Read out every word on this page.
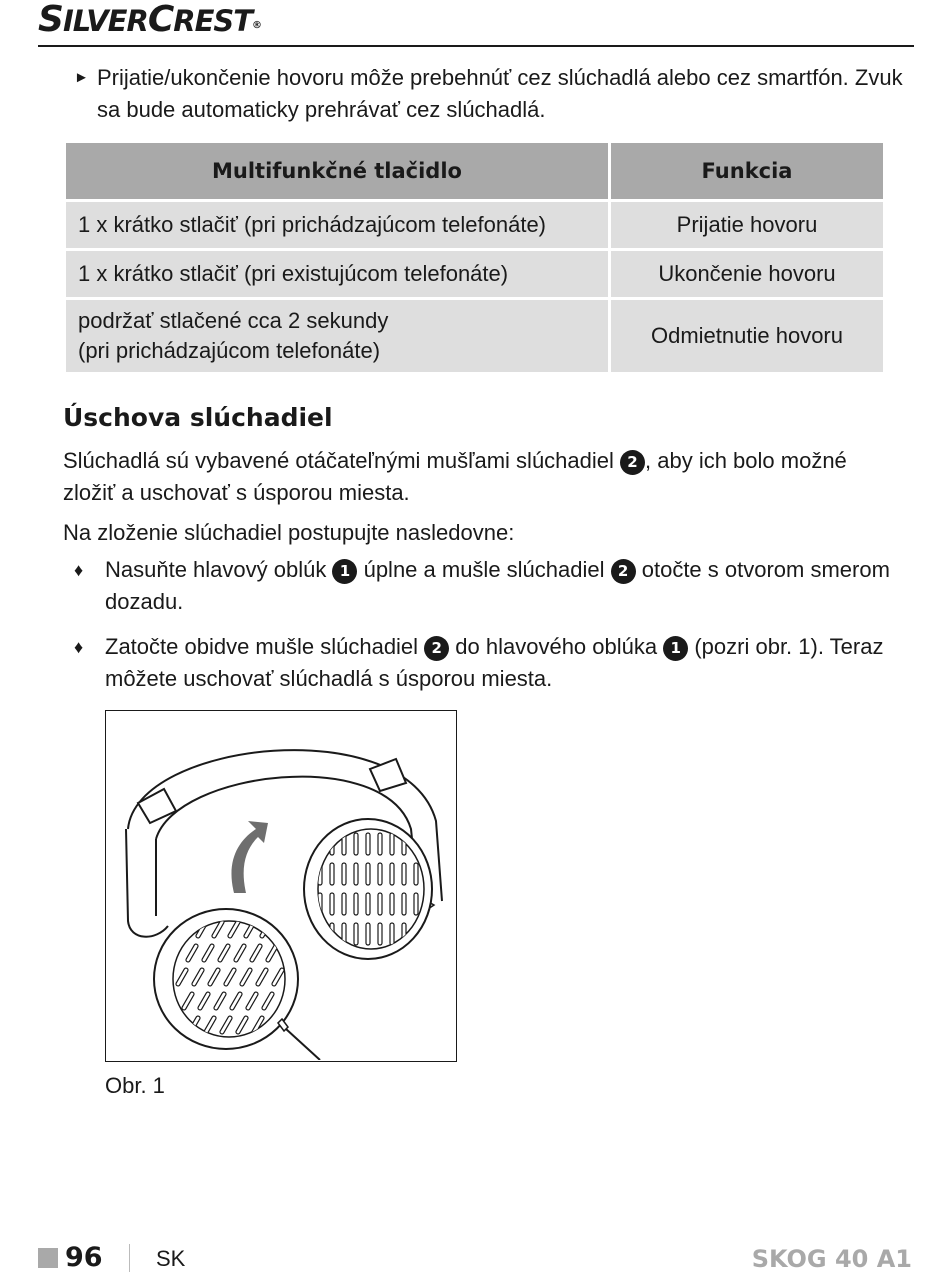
SILVERCREST®
► Prijatie/ukončenie hovoru môže prebehnúť cez slúchadlá alebo cez smartfón. Zvuk sa bude automaticky prehrávať cez slúchadlá.
Multifunkčné tlačidlo	Funkcia
1 x krátko stlačiť (pri prichádzajúcom telefonáte)	Prijatie hovoru
1 x krátko stlačiť (pri existujúcom telefonáte)	Ukončenie hovoru
podržať stlačené cca 2 sekundy
(pri prichádzajúcom telefonáte)	Odmietnutie hovoru
Úschova slúchadiel

Slúchadlá sú vybavené otáčateľnými mušľami slúchadiel 2 , aby ich bolo možné zložiť a uschovať s úsporou miesta.

Na zloženie slúchadiel postupujte nasledovne:

♦ Nasuňte hlavový oblúk 1 úplne a mušle slúchadiel 2 otočte s otvorom smerom dozadu.
♦ Zatočte obidve mušle slúchadiel 2 do hlavového oblúka 1 (pozri obr. 1). Teraz môžete uschovať slúchadlá s úsporou miesta.
Obr. 1
96 SK	SKOG 40 A1
